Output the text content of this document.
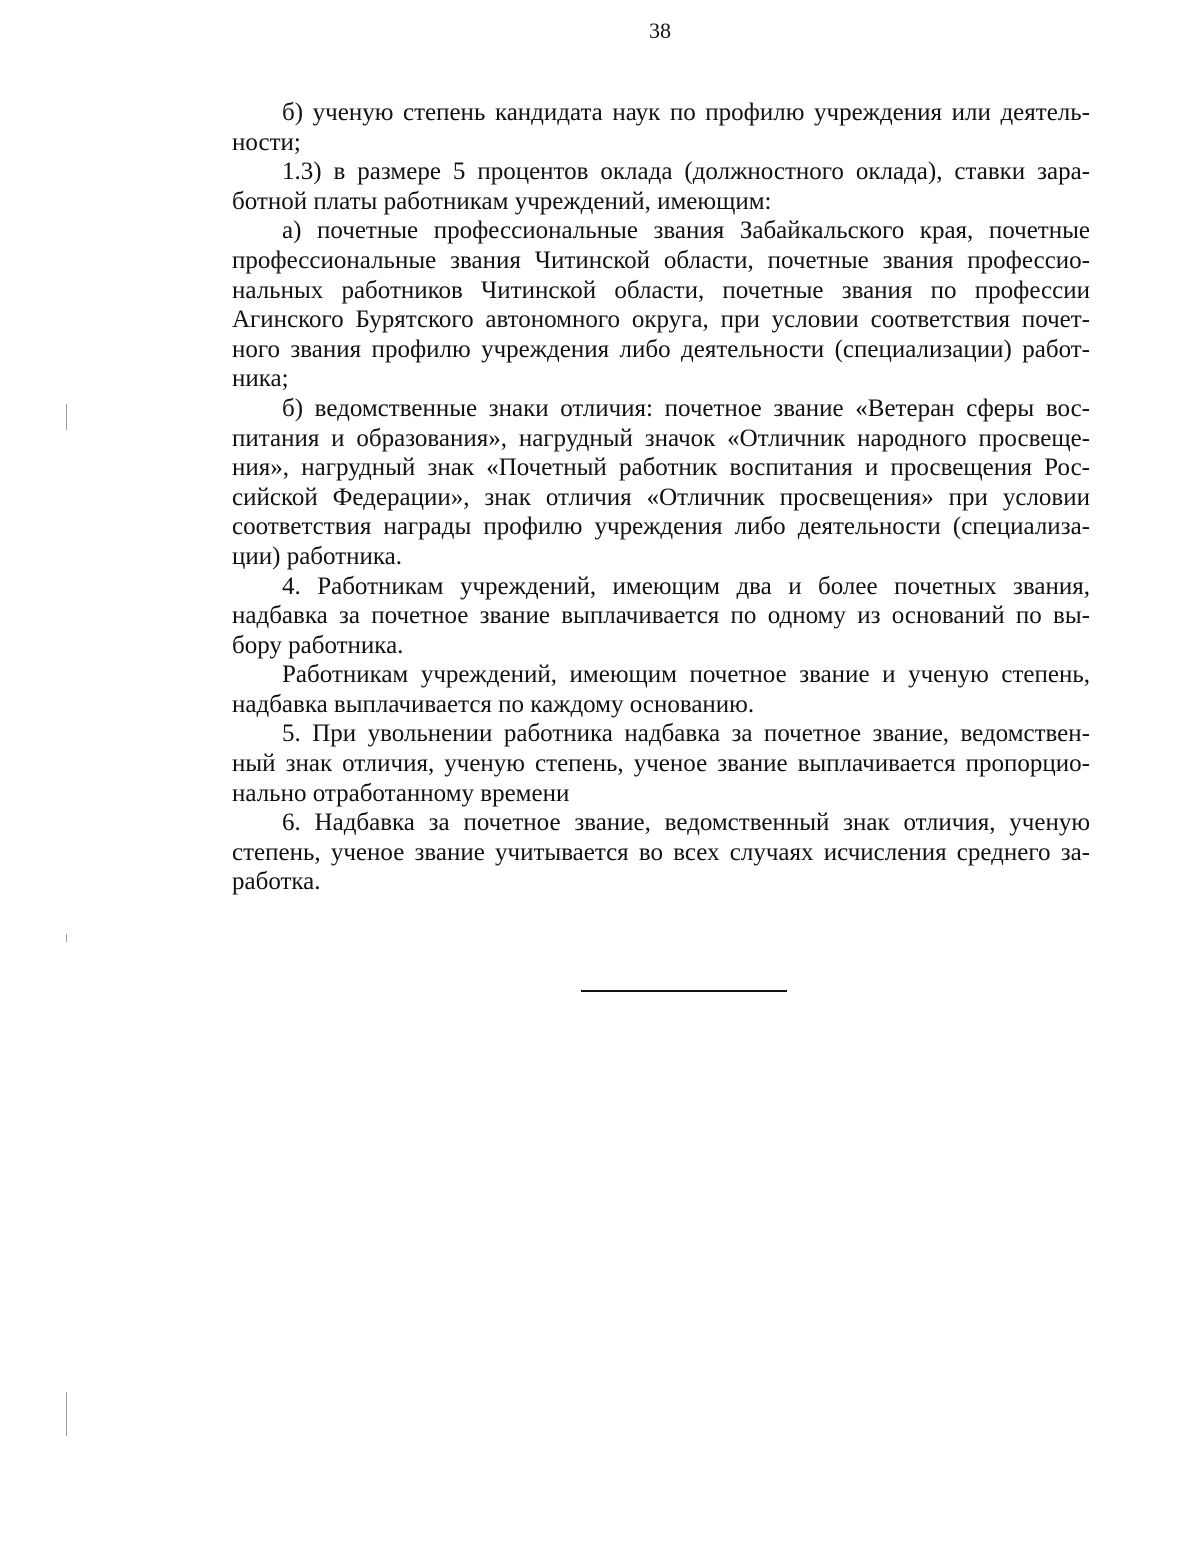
38
б) ученую степень кандидата наук по профилю учреждения или деятель-
ности;
1.3) в размере 5 процентов оклада (должностного оклада), ставки зара-
ботной платы работникам учреждений, имеющим:
а) почетные профессиональные звания Забайкальского края, почетные
профессиональные звания Читинской области, почетные звания профессио-
нальных работников Читинской области, почетные звания по профессии
Агинского Бурятского автономного округа, при условии соответствия почет-
ного звания профилю учреждения либо деятельности (специализации) работ-
ника;
б) ведомственные знаки отличия: почетное звание «Ветеран сферы вос-
питания и образования», нагрудный значок «Отличник народного просвеще-
ния», нагрудный знак «Почетный работник воспитания и просвещения Рос-
сийской Федерации», знак отличия «Отличник просвещения» при условии
соответствия награды профилю учреждения либо деятельности (специализа-
ции) работника.
4. Работникам учреждений, имеющим два и более почетных звания,
надбавка за почетное звание выплачивается по одному из оснований по вы-
бору работника.
Работникам учреждений, имеющим почетное звание и ученую степень,
надбавка выплачивается по каждому основанию.
5. При увольнении работника надбавка за почетное звание, ведомствен-
ный знак отличия, ученую степень, ученое звание выплачивается пропорцио-
нально отработанному времени
6. Надбавка за почетное звание, ведомственный знак отличия, ученую
степень, ученое звание учитывается во всех случаях исчисления среднего за-
работка.
